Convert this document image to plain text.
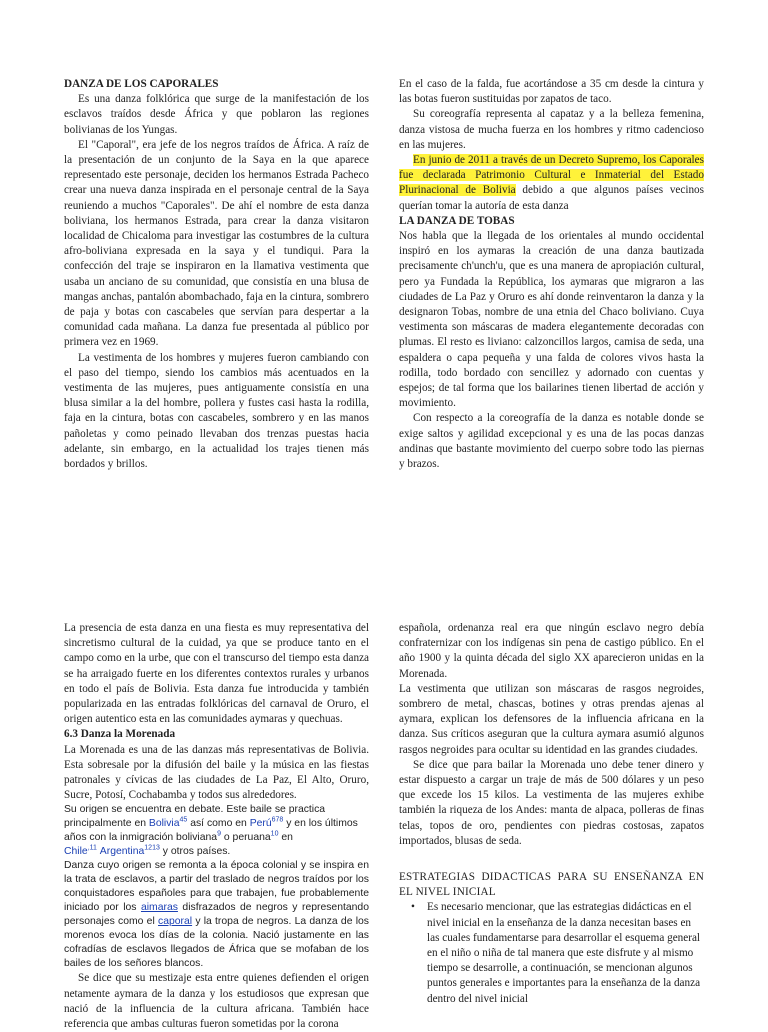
DANZA DE LOS CAPORALES

Es una danza folklórica que surge de la manifestación de los esclavos traídos desde África y que poblaron las regiones bolivianas de los Yungas.

El "Caporal", era jefe de los negros traídos de África. A raíz de la presentación de un conjunto de la Saya en la que aparece representado este personaje, deciden los hermanos Estrada Pacheco crear una nueva danza inspirada en el personaje central de la Saya reuniendo a muchos "Caporales". De ahí el nombre de esta danza boliviana, los hermanos Estrada, para crear la danza visitaron localidad de Chicaloma para investigar las costumbres de la cultura afro-boliviana expresada en la saya y el tundiqui. Para la confección del traje se inspiraron en la llamativa vestimenta que usaba un anciano de su comunidad, que consistía en una blusa de mangas anchas, pantalón abombachado, faja en la cintura, sombrero de paja y botas con cascabeles que servían para despertar a la comunidad cada mañana. La danza fue presentada al público por primera vez en 1969.

La vestimenta de los hombres y mujeres fueron cambiando con el paso del tiempo, siendo los cambios más acentuados en la vestimenta de las mujeres, pues antiguamente consistía en una blusa similar a la del hombre, pollera y fustes casi hasta la rodilla, faja en la cintura, botas con cascabeles, sombrero y en las manos pañoletas y como peinado llevaban dos trenzas puestas hacia adelante, sin embargo, en la actualidad los trajes tienen más bordados y brillos.

En el caso de la falda, fue acortándose a 35 cm desde la cintura y las botas fueron sustituidas por zapatos de taco.

Su coreografía representa al capataz y a la belleza femenina, danza vistosa de mucha fuerza en los hombres y ritmo cadencioso en las mujeres.

En junio de 2011 a través de un Decreto Supremo, los Caporales fue declarada Patrimonio Cultural e Inmaterial del Estado Plurinacional de Bolivia debido a que algunos países vecinos querían tomar la autoría de esta danza

LA DANZA DE TOBAS

Nos habla que la llegada de los orientales al mundo occidental inspiró en los aymaras la creación de una danza bautizada precisamente ch'unch'u, que es una manera de apropiación cultural, pero ya Fundada la República, los aymaras que migraron a las ciudades de La Paz y Oruro es ahí donde reinventaron la danza y la designaron Tobas, nombre de una etnia del Chaco boliviano. Cuya vestimenta son máscaras de madera elegantemente decoradas con plumas. El resto es liviano: calzoncillos largos, camisa de seda, una espaldera o capa pequeña y una falda de colores vivos hasta la rodilla, todo bordado con sencillez y adornado con cuentas y espejos; de tal forma que los bailarines tienen libertad de acción y movimiento.

Con respecto a la coreografía de la danza es notable donde se exige saltos y agilidad excepcional y es una de las pocas danzas andinas que bastante movimiento del cuerpo sobre todo las piernas y brazos.

La presencia de esta danza en una fiesta es muy representativa del sincretismo cultural de la cuidad, ya que se produce tanto en el campo como en la urbe, que con el transcurso del tiempo esta danza se ha arraigado fuerte en los diferentes contextos rurales y urbanos en todo el país de Bolivia. Esta danza fue introducida y también popularizada en las entradas folklóricas del carnaval de Oruro, el origen autentico esta en las comunidades aymaras y quechuas.

6.3 Danza la Morenada

La Morenada es una de las danzas más representativas de Bolivia. Esta sobresale por la difusión del baile y la música en las fiestas patronales y cívicas de las ciudades de La Paz, El Alto, Oruro, Sucre, Potosí, Cochabamba y todos sus alrededores.

Su origen se encuentra en debate. Este baile se practica principalmente en Bolivia$^{45}$ así como en Perú$^{678}$ y en los últimos años con la inmigración boliviana$^9$ o peruana$^{10}$ en Chile$^{,11}$ Argentina$^{1213}$ y otros países.

Danza cuyo origen se remonta a la época colonial y se inspira en la trata de esclavos, a partir del traslado de negros traídos por los conquistadores españoles para que trabajen, fue probablemente iniciado por los aimaras disfrazados de negros y representando personajes como el caporal y la tropa de negros. La danza de los morenos evoca los días de la colonia. Nació justamente en las cofradías de esclavos llegados de África que se mofaban de los bailes de los señores blancos.

Se dice que su mestizaje esta entre quienes defienden el origen netamente aymara de la danza y los estudiosos que expresan que nació de la influencia de la cultura africana. También hace referencia que ambas culturas fueron sometidas por la corona

española, ordenanza real era que ningún esclavo negro debía confraternizar con los indígenas sin pena de castigo público. En el año 1900 y la quinta década del siglo XX aparecieron unidas en la Morenada.

La vestimenta que utilizan son máscaras de rasgos negroides, sombrero de metal, chascas, botines y otras prendas ajenas al aymara, explican los defensores de la influencia africana en la danza. Sus críticos aseguran que la cultura aymara asumió algunos rasgos negroides para ocultar su identidad en las grandes ciudades.

Se dice que para bailar la Morenada uno debe tener dinero y estar dispuesto a cargar un traje de más de 500 dólares y un peso que excede los 15 kilos. La vestimenta de las mujeres exhibe también la riqueza de los Andes: manta de alpaca, polleras de finas telas, topos de oro, pendientes con piedras costosas, zapatos importados, blusas de seda.

ESTRATEGIAS DIDACTICAS PARA SU ENSEÑANZA EN EL NIVEL INICIAL

• Es necesario mencionar, que las estrategias didácticas en el nivel inicial en la enseñanza de la danza necesitan bases en las cuales fundamentarse para desarrollar el esquema general en el niño o niña de tal manera que este disfrute y al mismo tiempo se desarrolle, a continuación, se mencionan algunos puntos generales e importantes para la enseñanza de la danza dentro del nivel inicial
